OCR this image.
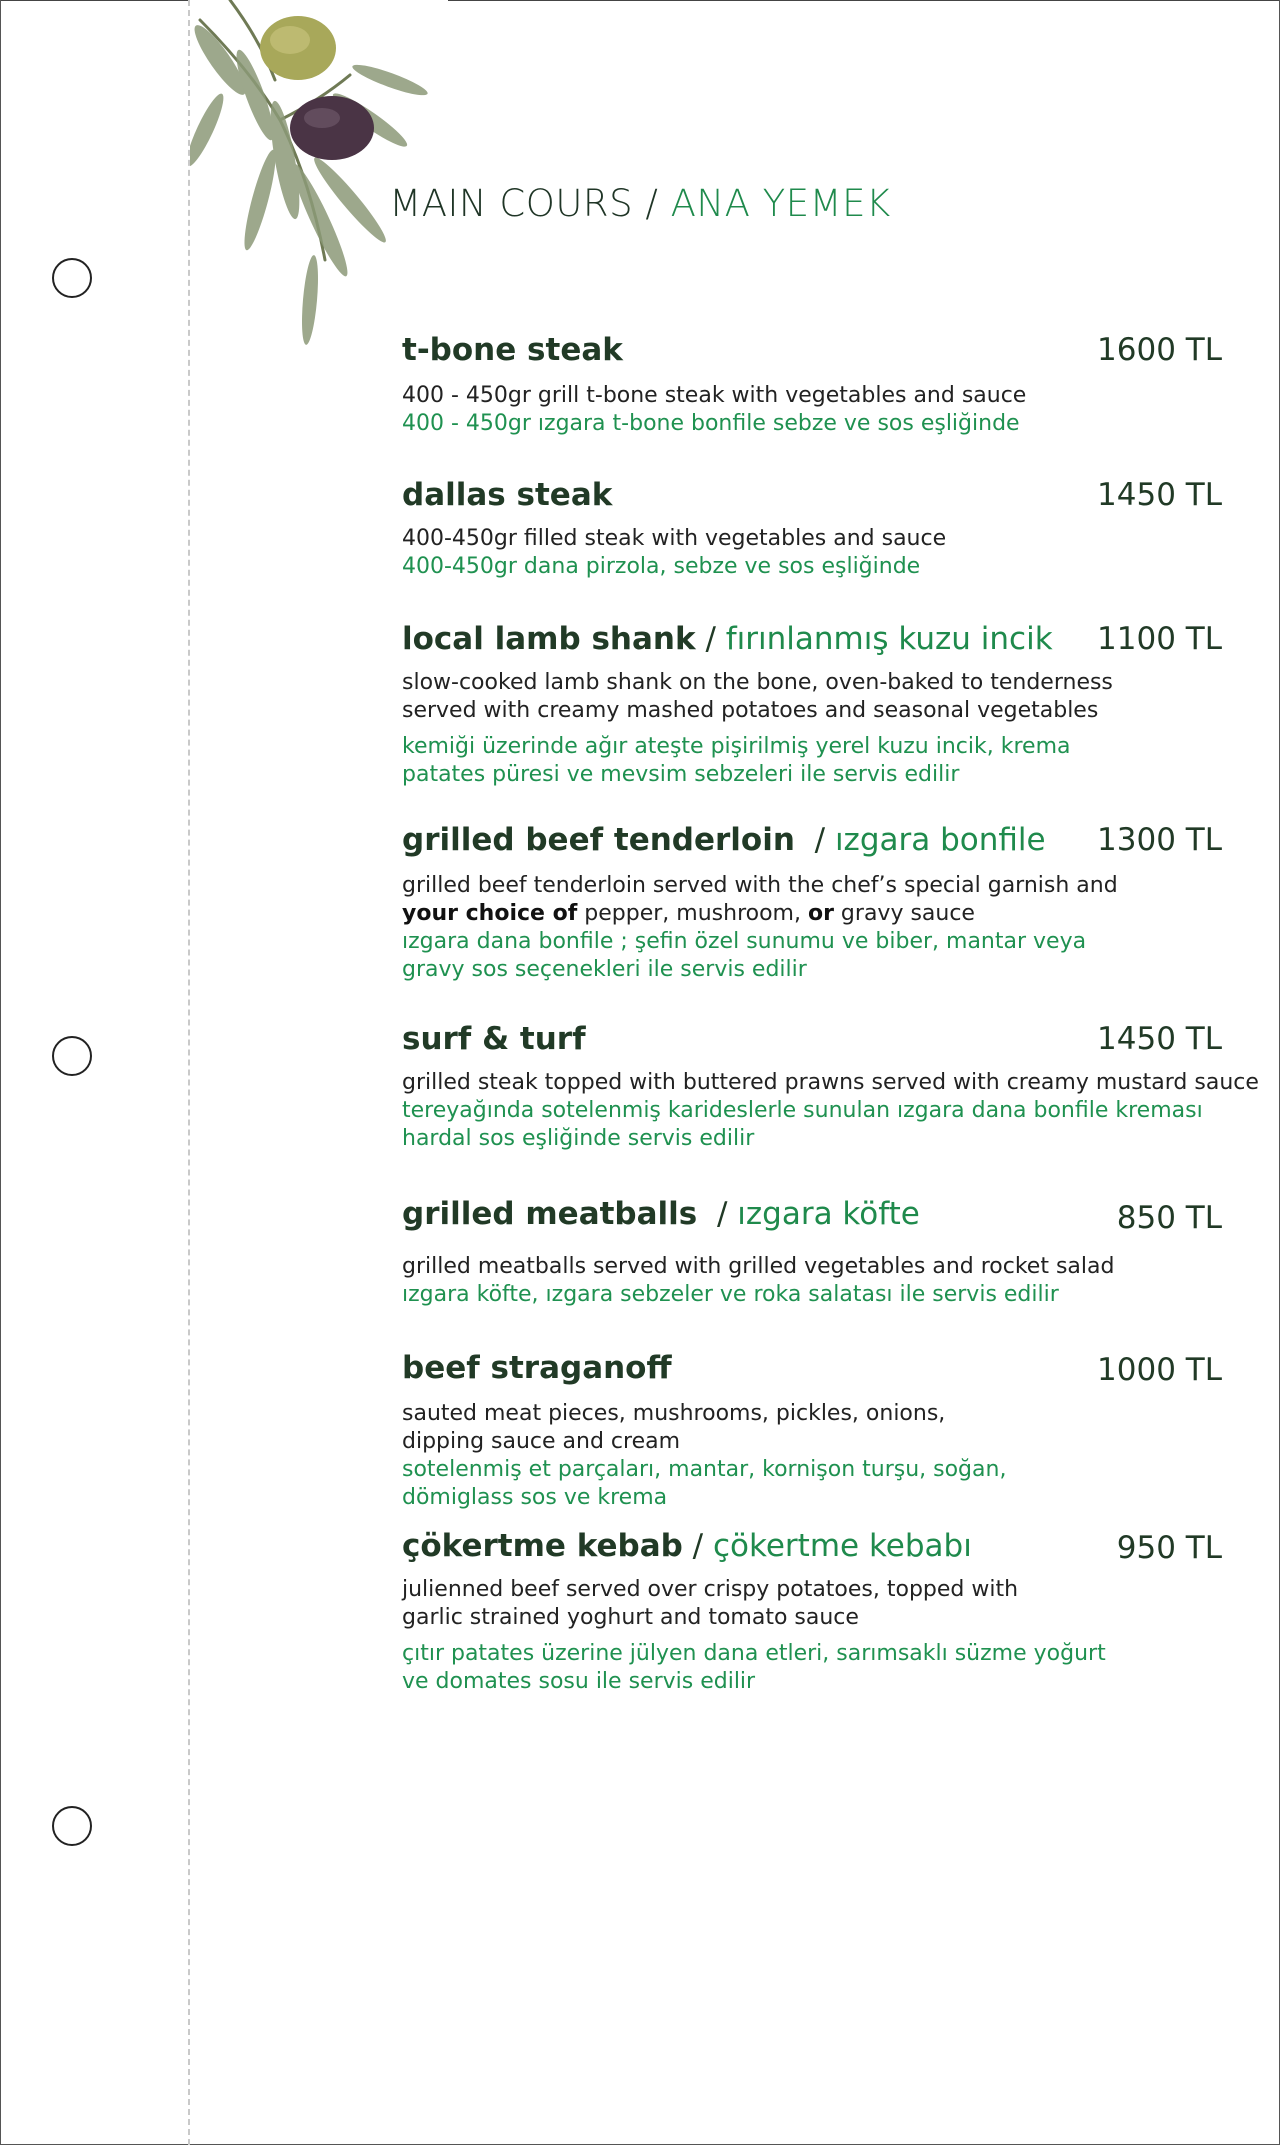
MAIN COURS / ANA YEMEK
t-bone steak	1600 TL
400 - 450gr grill t-bone steak with vegetables and sauce
400 - 450gr ızgara t-bone bonfile sebze ve sos eşliğinde
dallas steak	1450 TL
400-450gr filled steak with vegetables and sauce
400-450gr dana pirzola, sebze ve sos eşliğinde
local lamb shank / fırınlanmış kuzu incik 1100 TL
slow-cooked lamb shank on the bone, oven-baked to tenderness
served with creamy mashed potatoes and seasonal vegetables
kemiği üzerinde ağır ateşte pişirilmiş yerel kuzu incik, krema
patates püresi ve mevsim sebzeleri ile servis edilir
grilled beef tenderloin  / ızgara bonfile 1300 TL
grilled beef tenderloin served with the chef’s special garnish and
your choice of pepper, mushroom, or gravy sauce
ızgara dana bonfile ; şefin özel sunumu ve biber, mantar veya
gravy sos seçenekleri ile servis edilir
surf & turf	1450 TL
grilled steak topped with buttered prawns served with creamy mustard sauce
tereyağında sotelenmiş karideslerle sunulan ızgara dana bonfile kreması
hardal sos eşliğinde servis edilir
grilled meatballs  / ızgara köfte	850 TL
grilled meatballs served with grilled vegetables and rocket salad
ızgara köfte, ızgara sebzeler ve roka salatası ile servis edilir
beef straganoff	1000 TL
sauted meat pieces, mushrooms, pickles, onions,
dipping sauce and cream
sotelenmiş et parçaları, mantar, kornişon turşu, soğan,
dömiglass sos ve krema
çökertme kebab / çökertme kebabı	950 TL
julienned beef served over crispy potatoes, topped with
garlic strained yoghurt and tomato sauce
çıtır patates üzerine jülyen dana etleri, sarımsaklı süzme yoğurt
ve domates sosu ile servis edilir
